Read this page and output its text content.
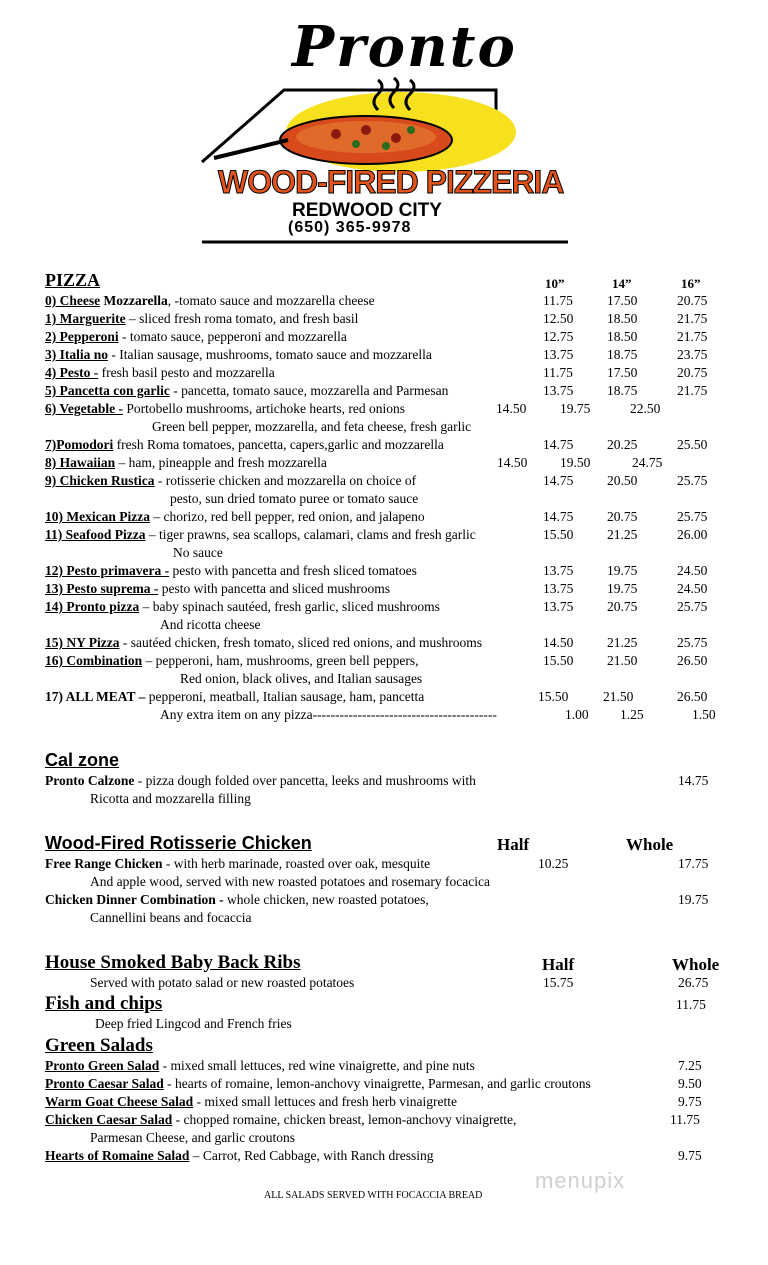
Pronto
WOOD-FIRED PIZZERIA
REDWOOD CITY
(650) 365-9978
PIZZA	10”	14”	16”
0) Cheese Mozzarella, -tomato sauce and mozzarella cheese	11.75	17.50	20.75
1) Marguerite – sliced fresh roma tomato, and fresh basil	12.50 18.50	21.75
2) Pepperoni - tomato sauce, pepperoni and mozzarella	12.75 18.50	21.75
3) Italia no - Italian sausage, mushrooms, tomato sauce and mozzarella	13.75 18.75	23.75
4) Pesto - fresh basil pesto and mozzarella	11.75	17.50	20.75
5) Pancetta con garlic - pancetta, tomato sauce, mozzarella and Parmesan	13.75 18.75	21.75
6) Vegetable - Portobello mushrooms, artichoke hearts, red onions
Green bell pepper, mozzarella, and feta cheese, fresh garlic
14.50 19.75	22.50
7)Pomodori fresh Roma tomatoes, pancetta, capers,garlic and mozzarella	14.75 20.25	25.50
8) Hawaiian – ham, pineapple and fresh mozzarella	14.50 19.50	24.75
9) Chicken Rustica - rotisserie chicken and mozzarella on choice of
pesto, sun dried tomato puree or tomato sauce
14.75 20.50	25.75
10) Mexican Pizza – chorizo, red bell pepper, red onion, and jalapeno	14.75 20.75	25.75
11) Seafood Pizza – tiger prawns, sea scallops, calamari, clams and fresh garlic
No sauce
15.50 21.25	26.00
12) Pesto primavera - pesto with pancetta and fresh sliced tomatoes	13.75 19.75	24.50
13) Pesto suprema - pesto with pancetta and sliced mushrooms	13.75 19.75	24.50
14) Pronto pizza – baby spinach sautéed, fresh garlic, sliced mushrooms
And ricotta cheese
13.75 20.75	25.75
15) NY Pizza - sautéed chicken, fresh tomato, sliced red onions, and mushrooms	14.50 21.25	25.75
16) Combination – pepperoni, ham, mushrooms, green bell peppers,
Red onion, black olives, and Italian sausages
15.50 21.50	26.50
17) ALL MEAT – pepperoni, meatball, Italian sausage, ham, pancetta	15.50	21.50	26.50
Any extra item on any pizza-----------------------------------------	1.00 1.25	1.50
Cal zone
Pronto Calzone - pizza dough folded over pancetta, leeks and mushrooms with
Ricotta and mozzarella filling
14.75
Wood-Fired Rotisserie Chicken	Half	Whole
Free Range Chicken - with herb marinade, roasted over oak, mesquite
And apple wood, served with new roasted potatoes and rosemary focacica
10.25	17.75
Chicken Dinner Combination - whole chicken, new roasted potatoes,
Cannellini beans and focaccia
19.75
House Smoked Baby Back Ribs	Half	Whole
Served with potato salad or new roasted potatoes	15.75	26.75
Fish and chips
Deep fried Lingcod and French fries
11.75
Green Salads
Pronto Green Salad - mixed small lettuces, red wine vinaigrette, and pine nuts	7.25
Pronto Caesar Salad - hearts of romaine, lemon-anchovy vinaigrette, Parmesan, and garlic croutons	9.50
Warm Goat Cheese Salad - mixed small lettuces and fresh herb vinaigrette	9.75
Chicken Caesar Salad - chopped romaine, chicken breast, lemon-anchovy vinaigrette,
Parmesan Cheese, and garlic croutons
11.75
Hearts of Romaine Salad – Carrot, Red Cabbage, with Ranch dressing	9.75
ALL SALADS SERVED WITH FOCACCIA BREAD
menupix
